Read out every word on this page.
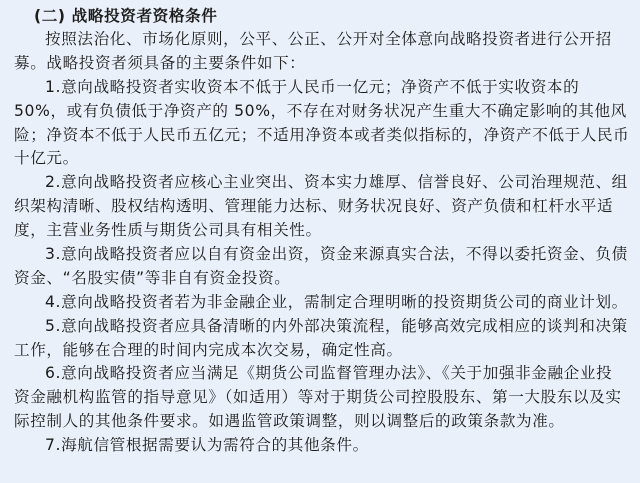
(二) 战略投资者资格条件
按照法治化、市场化原则，公平、公正、公开对全体意向战略投资者进行公开招
募。战略投资者须具备的主要条件如下：
1.意向战略投资者实收资本不低于人民币一亿元；净资产不低于实收资本的
50%，或有负债低于净资产的 50%，不存在对财务状况产生重大不确定影响的其他风
险；净资本不低于人民币五亿元；不适用净资本或者类似指标的，净资产不低于人民币
十亿元。
2.意向战略投资者应核心主业突出、资本实力雄厚、信誉良好、公司治理规范、组
织架构清晰、股权结构透明、管理能力达标、财务状况良好、资产负债和杠杆水平适
度，主营业务性质与期货公司具有相关性。
3.意向战略投资者应以自有资金出资，资金来源真实合法，不得以委托资金、负债
资金、“名股实债”等非自有资金投资。
4.意向战略投资者若为非金融企业，需制定合理明晰的投资期货公司的商业计划。
5.意向战略投资者应具备清晰的内外部决策流程，能够高效完成相应的谈判和决策
工作，能够在合理的时间内完成本次交易，确定性高。
6.意向战略投资者应当满足《期货公司监督管理办法》、《关于加强非金融企业投
资金融机构监管的指导意见》（如适用）等对于期货公司控股股东、第一大股东以及实
际控制人的其他条件要求。如遇监管政策调整，则以调整后的政策条款为准。
7.海航信管根据需要认为需符合的其他条件。
